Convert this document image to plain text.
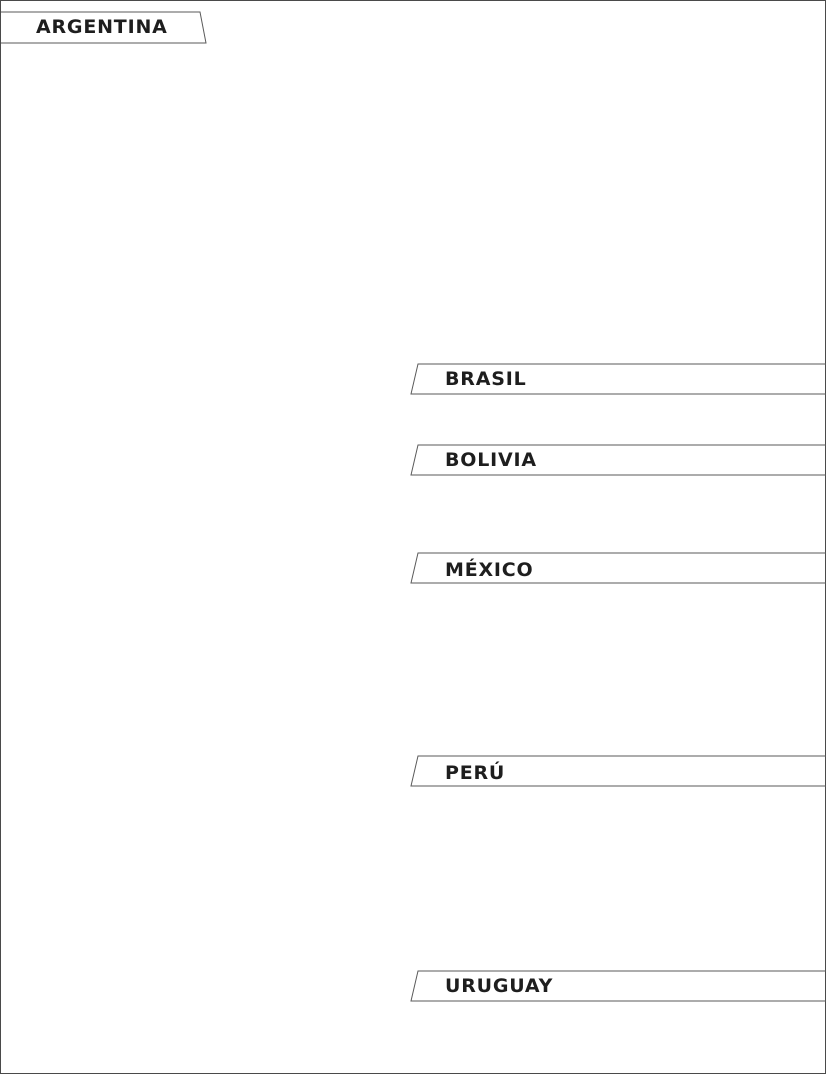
ARGENTINA
BRASIL
BOLIVIA
MÉXICO
PERÚ
URUGUAY
